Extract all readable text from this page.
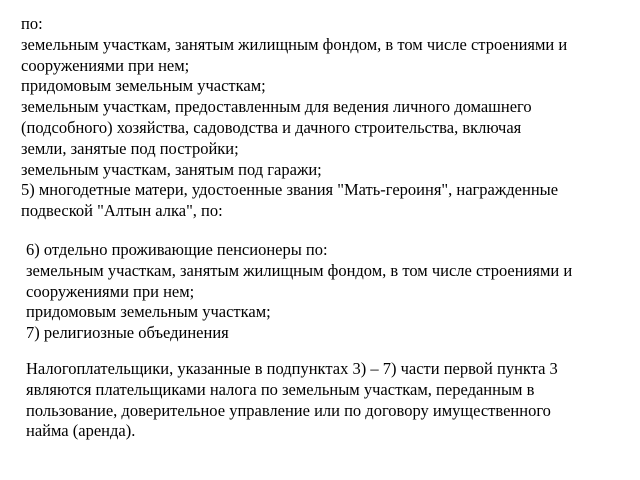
по:
земельным участкам, занятым жилищным фондом, в том числе строениями и
сооружениями при нем;
придомовым земельным участкам;
земельным участкам, предоставленным для ведения личного домашнего
(подсобного) хозяйства, садоводства и дачного строительства, включая
земли, занятые под постройки;
земельным участкам, занятым под гаражи;
5) многодетные матери, удостоенные звания "Мать-героиня", награжденные
подвеской "Алтын алка", по:
6) отдельно проживающие пенсионеры по:
земельным участкам, занятым жилищным фондом, в том числе строениями и
сооружениями при нем;
придомовым земельным участкам;
7) религиозные объединения
Налогоплательщики, указанные в подпунктах 3) – 7) части первой пункта 3
являются плательщиками налога по земельным участкам, переданным в
пользование, доверительное управление или по договору имущественного
найма (аренда).
